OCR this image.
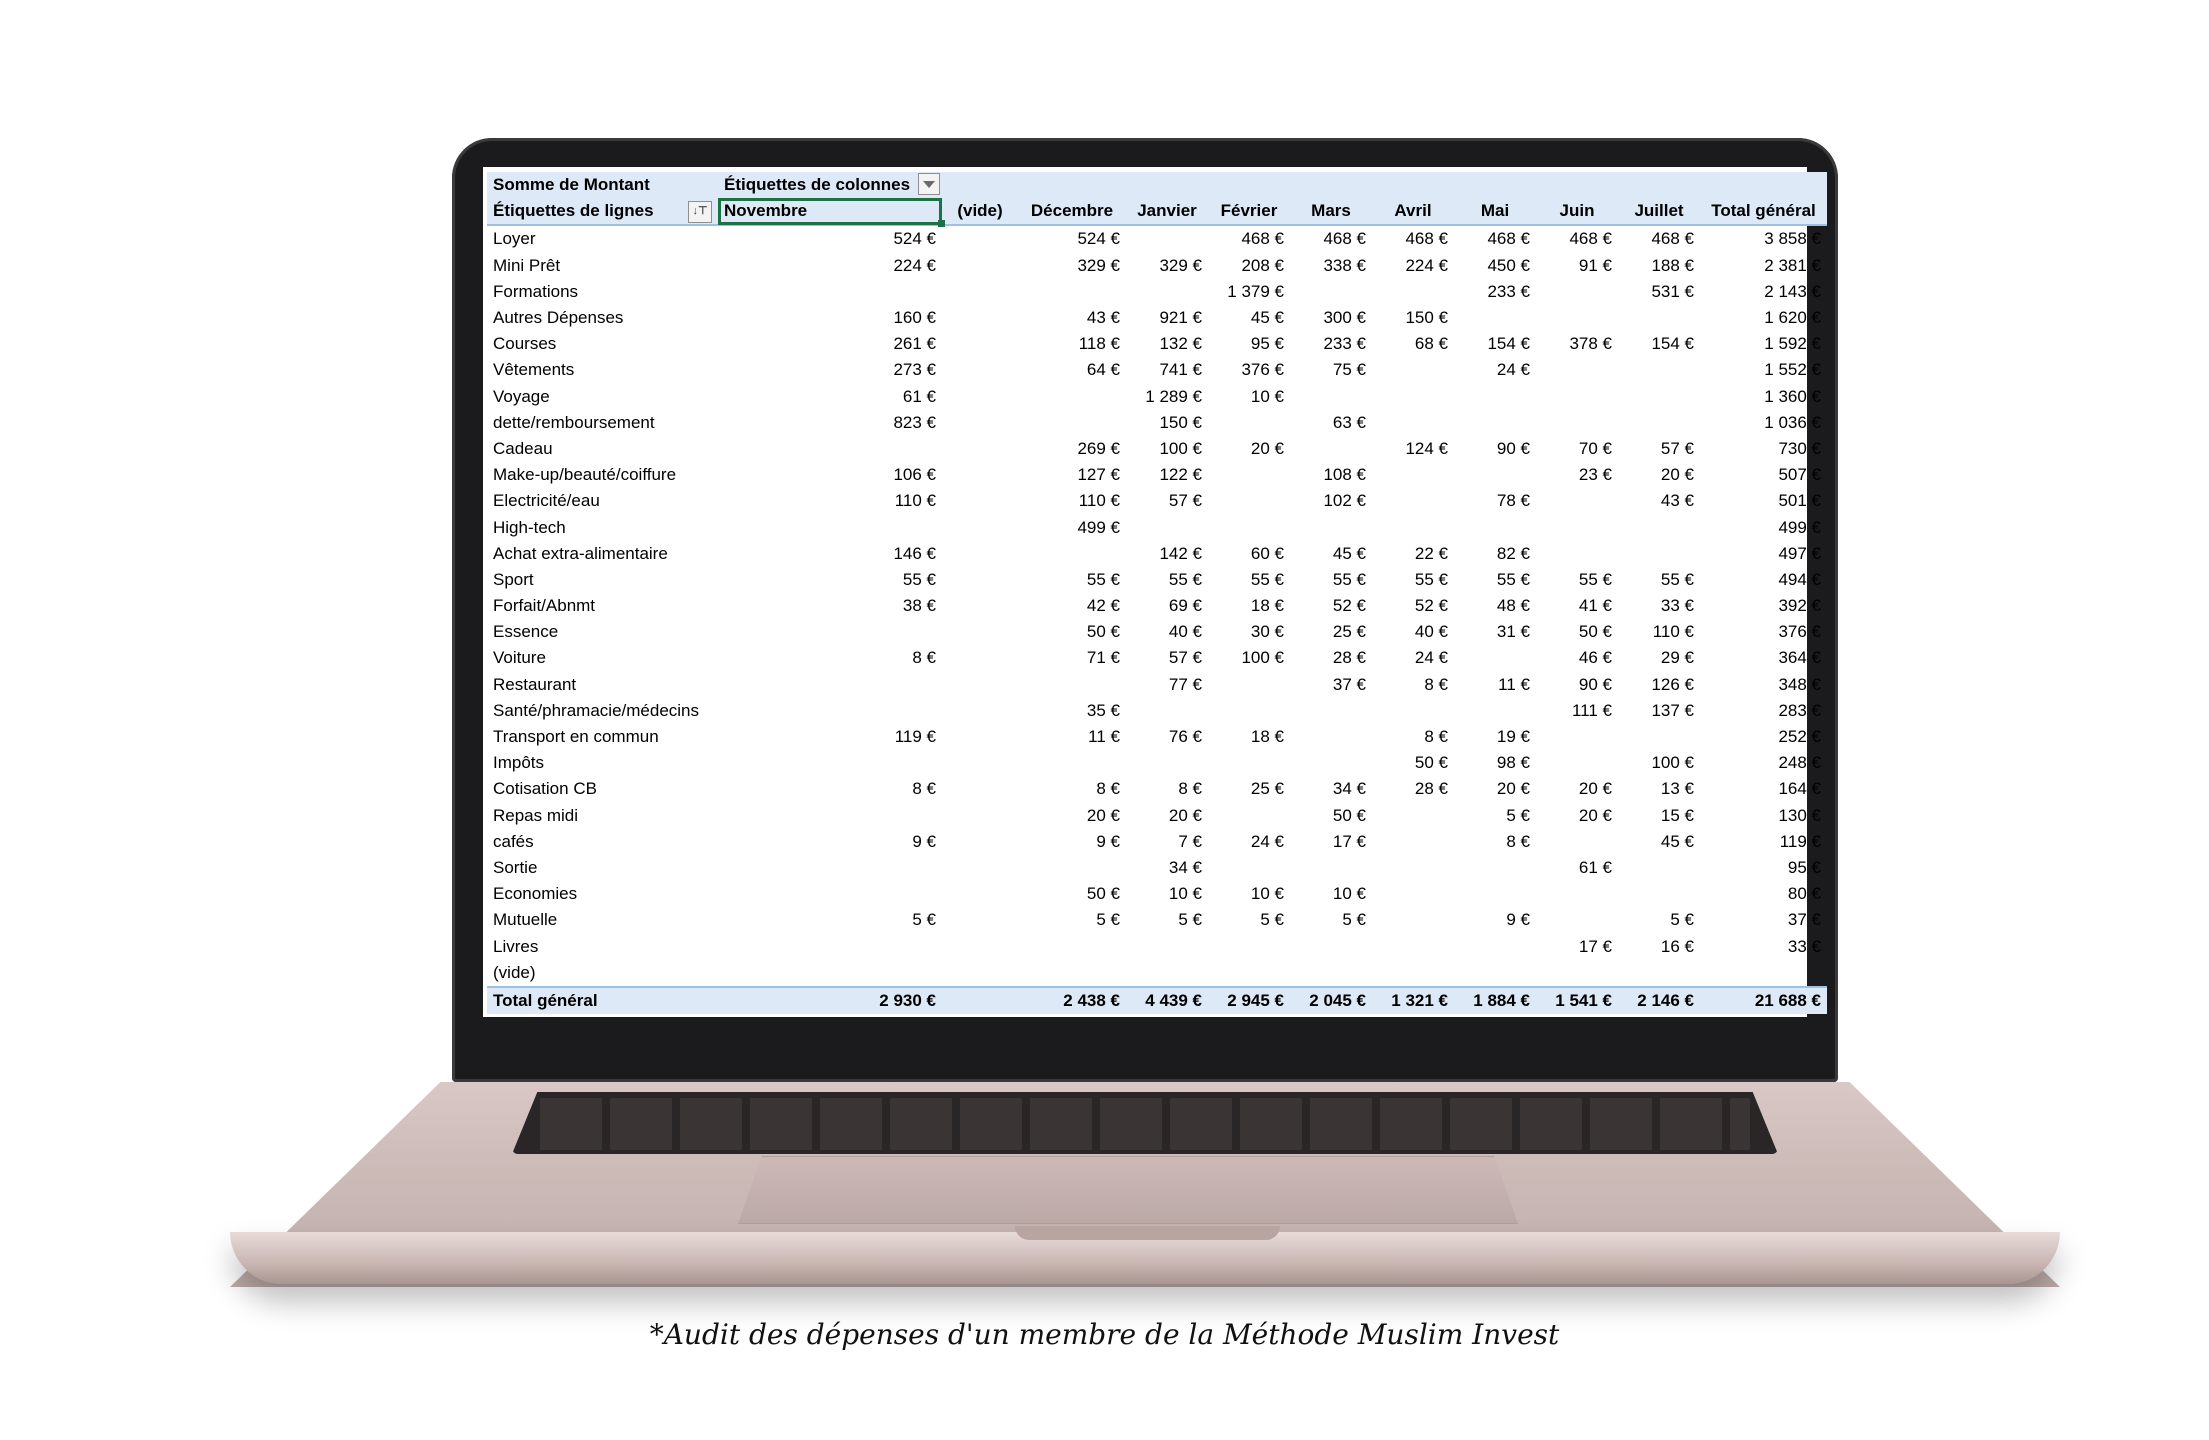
Somme de Montant	Étiquettes de colonnes										
Étiquettes de lignes ↓⊤	Novembre	(vide)	Décembre	Janvier	Février	Mars	Avril	Mai	Juin	Juillet	Total général
Loyer	524 €		524 €		468 €	468 €	468 €	468 €	468 €	468 €	3 858 €
Mini Prêt	224 €		329 €	329 €	208 €	338 €	224 €	450 €	91 €	188 €	2 381 €
Formations					1 379 €			233 €		531 €	2 143 €
Autres Dépenses	160 €		43 €	921 €	45 €	300 €	150 €				1 620 €
Courses	261 €		118 €	132 €	95 €	233 €	68 €	154 €	378 €	154 €	1 592 €
Vêtements	273 €		64 €	741 €	376 €	75 €		24 €			1 552 €
Voyage	61 €			1 289 €	10 €						1 360 €
dette/remboursement	823 €			150 €		63 €					1 036 €
Cadeau			269 €	100 €	20 €		124 €	90 €	70 €	57 €	730 €
Make-up/beauté/coiffure	106 €		127 €	122 €		108 €			23 €	20 €	507 €
Electricité/eau	110 €		110 €	57 €		102 €		78 €		43 €	501 €
High-tech			499 €								499 €
Achat extra-alimentaire	146 €			142 €	60 €	45 €	22 €	82 €			497 €
Sport	55 €		55 €	55 €	55 €	55 €	55 €	55 €	55 €	55 €	494 €
Forfait/Abnmt	38 €		42 €	69 €	18 €	52 €	52 €	48 €	41 €	33 €	392 €
Essence			50 €	40 €	30 €	25 €	40 €	31 €	50 €	110 €	376 €
Voiture	8 €		71 €	57 €	100 €	28 €	24 €		46 €	29 €	364 €
Restaurant				77 €		37 €	8 €	11 €	90 €	126 €	348 €
Santé/phramacie/médecins			35 €						111 €	137 €	283 €
Transport en commun	119 €		11 €	76 €	18 €		8 €	19 €			252 €
Impôts							50 €	98 €		100 €	248 €
Cotisation CB	8 €		8 €	8 €	25 €	34 €	28 €	20 €	20 €	13 €	164 €
Repas midi			20 €	20 €		50 €		5 €	20 €	15 €	130 €
cafés	9 €		9 €	7 €	24 €	17 €		8 €		45 €	119 €
Sortie				34 €					61 €		95 €
Economies			50 €	10 €	10 €	10 €					80 €
Mutuelle	5 €		5 €	5 €	5 €	5 €		9 €		5 €	37 €
Livres									17 €	16 €	33 €
(vide)											
Total général	2 930 €		2 438 €	4 439 €	2 945 €	2 045 €	1 321 €	1 884 €	1 541 €	2 146 €	21 688 €
*Audit des dépenses d'un membre de la Méthode Muslim Invest
